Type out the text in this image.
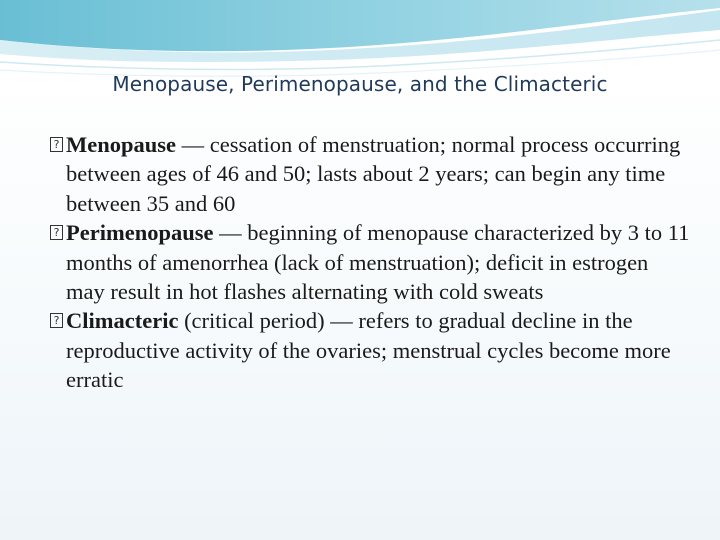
Menopause, Perimenopause, and the Climacteric

? Menopause — cessation of menstruation; normal process occurring between ages of 46 and 50; lasts about 2 years; can begin any time between 35 and 60

? Perimenopause — beginning of menopause characterized by 3 to 11 months of amenorrhea (lack of menstruation); deficit in estrogen may result in hot flashes alternating with cold sweats

? Climacteric (critical period) — refers to gradual decline in the reproductive activity of the ovaries; menstrual cycles become more erratic
